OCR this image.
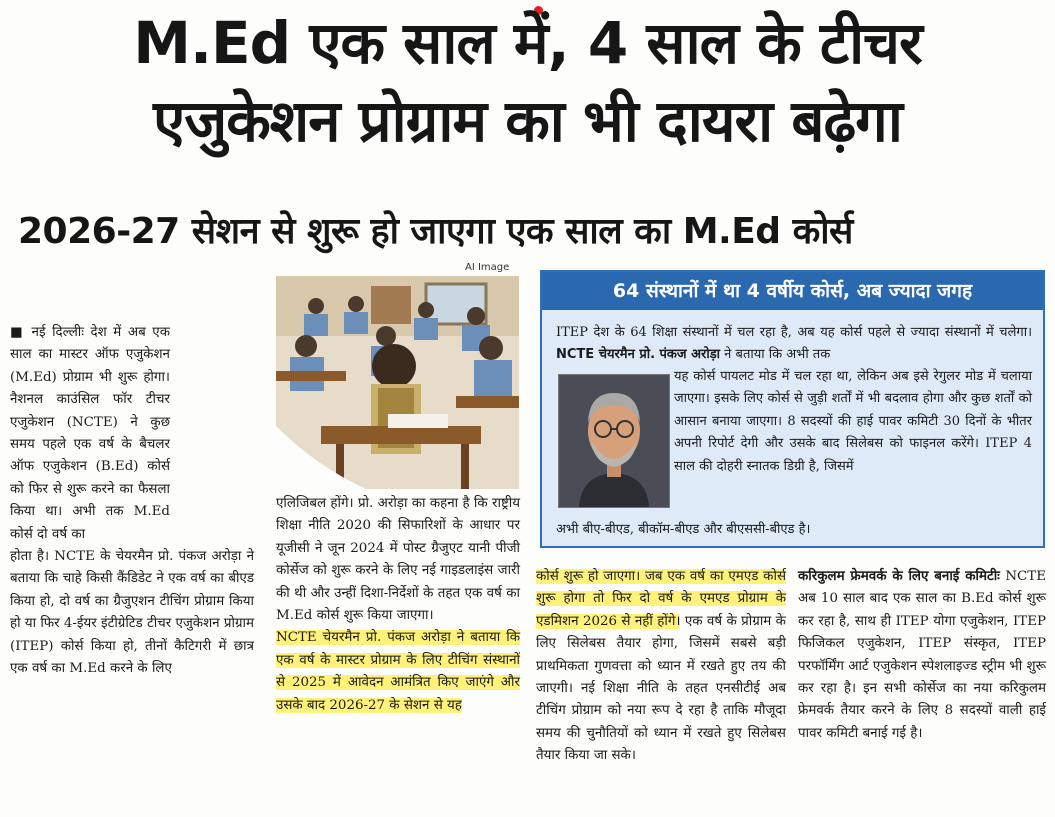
M.Ed एक साल में, 4 साल के टीचर
एजुकेशन प्रोग्राम का भी दायरा बढ़ेगा
2026-27 सेशन से शुरू हो जाएगा एक साल का M.Ed कोर्स
AI Image

■ नई दिल्लीः देश में अब एक साल का मास्टर ऑफ एजुकेशन (M.Ed) प्रोग्राम भी शुरू होगा। नैशनल काउंसिल फॉर टीचर एजुकेशन (NCTE) ने कुछ समय पहले एक वर्ष के बैचलर ऑफ एजुकेशन (B.Ed) कोर्स को फिर से शुरू करने का फैसला किया था। अभी तक M.Ed कोर्स दो वर्ष का

होता है। NCTE के चेयरमैन प्रो. पंकज अरोड़ा ने बताया कि चाहे किसी कैंडिडेट ने एक वर्ष का बीएड किया हो, दो वर्ष का ग्रैजुएशन टीचिंग प्रोग्राम किया हो या फिर 4-ईयर इंटीग्रेटिड टीचर एजुकेशन प्रोग्राम (ITEP) कोर्स किया हो, तीनों कैटिगरी में छात्र एक वर्ष का M.Ed करने के लिए

एलिजिबल होंगे। प्रो. अरोड़ा का कहना है कि राष्ट्रीय शिक्षा नीति 2020 की सिफारिशों के आधार पर यूजीसी ने जून 2024 में पोस्ट ग्रैजुएट यानी पीजी कोर्सेज को शुरू करने के लिए नई गाइडलाइंस जारी की थी और उन्हीं दिशा-निर्देशों के तहत एक वर्ष का M.Ed कोर्स शुरू किया जाएगा।

NCTE चेयरमैन प्रो. पंकज अरोड़ा ने बताया कि एक वर्ष के मास्टर प्रोग्राम के लिए टीचिंग संस्थानों से 2025 में आवेदन आमंत्रित किए जाएंगे और उसके बाद 2026-27 के सेशन से यह

64 संस्थानों में था 4 वर्षीय कोर्स, अब ज्यादा जगह
ITEP देश के 64 शिक्षा संस्थानों में चल रहा है, अब यह कोर्स पहले से ज्यादा संस्थानों में चलेगा। NCTE चेयरमैन प्रो. पंकज अरोड़ा ने बताया कि अभी तक
यह कोर्स पायलट मोड में चल रहा था, लेकिन अब इसे रेगुलर मोड में चलाया जाएगा। इसके लिए कोर्स से जुड़ी शर्तों में भी बदलाव होगा और कुछ शर्तों को आसान बनाया जाएगा। 8 सदस्यों की हाई पावर कमिटी 30 दिनों के भीतर अपनी रिपोर्ट देगी और उसके बाद सिलेबस को फाइनल करेंगे। ITEP 4 साल की दोहरी स्नातक डिग्री है, जिसमें
अभी बीए-बीएड, बीकॉम-बीएड और बीएससी-बीएड है।

कोर्स शुरू हो जाएगा। जब एक वर्ष का एमएड कोर्स शुरू होगा तो फिर दो वर्ष के एमएड प्रोग्राम के एडमिशन 2026 से नहीं होंगे। एक वर्ष के प्रोग्राम के लिए सिलेबस तैयार होगा, जिसमें सबसे बड़ी प्राथमिकता गुणवत्ता को ध्यान में रखते हुए तय की जाएगी। नई शिक्षा नीति के तहत एनसीटीई अब टीचिंग प्रोग्राम को नया रूप दे रहा है ताकि मौजूदा समय की चुनौतियों को ध्यान में रखते हुए सिलेबस तैयार किया जा सके।

करिकुलम फ्रेमवर्क के लिए बनाई कमिटीः NCTE अब 10 साल बाद एक साल का B.Ed कोर्स शुरू कर रहा है, साथ ही ITEP योगा एजुकेशन, ITEP फिजिकल एजुकेशन, ITEP संस्कृत, ITEP परफॉर्मिंग आर्ट एजुकेशन स्पेशलाइज्ड स्ट्रीम भी शुरू कर रहा है। इन सभी कोर्सेज का नया करिकुलम फ्रेमवर्क तैयार करने के लिए 8 सदस्यों वाली हाई पावर कमिटी बनाई गई है।
